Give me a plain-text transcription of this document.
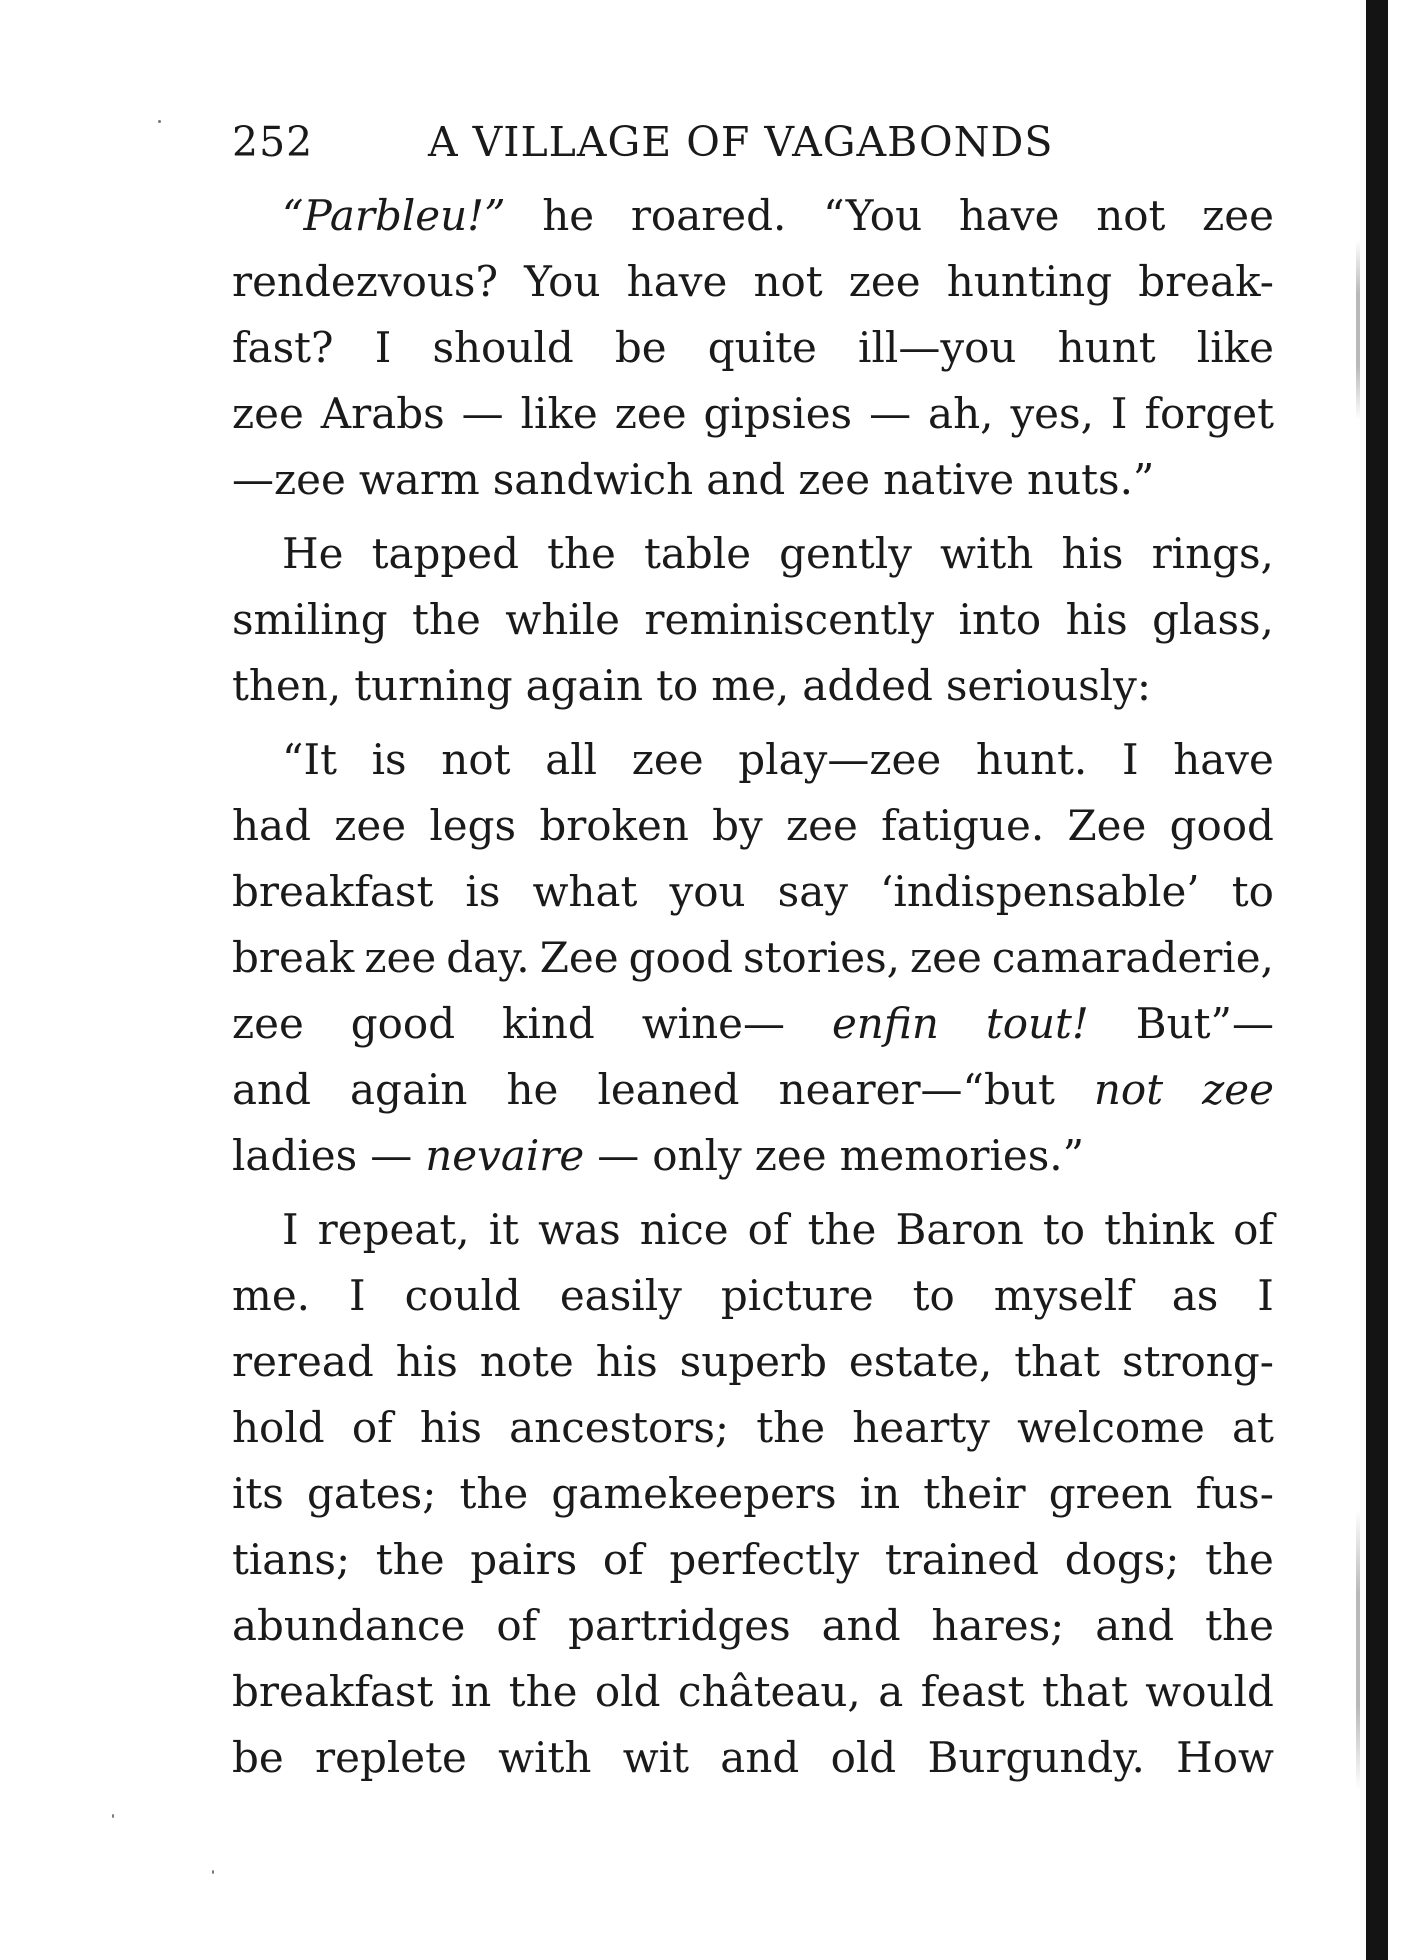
252	A VILLAGE OF VAGABONDS
“Parbleu!” he roared. “You have not zee
rendezvous? You have not zee hunting break-
fast? I should be quite ill—you hunt like
zee Arabs — like zee gipsies — ah, yes, I forget
—zee warm sandwich and zee native nuts.”
He tapped the table gently with his rings,
smiling the while reminiscently into his glass,
then, turning again to me, added seriously:
“It is not all zee play—zee hunt. I have
had zee legs broken by zee fatigue. Zee good
breakfast is what you say ‘indispensable’ to
break zee day. Zee good stories, zee camaraderie,
zee good kind wine— enfin tout! But”—
and again he leaned nearer—“but not zee
ladies — nevaire — only zee memories.”
I repeat, it was nice of the Baron to think of
me. I could easily picture to myself as I
reread his note his superb estate, that strong-
hold of his ancestors; the hearty welcome at
its gates; the gamekeepers in their green fus-
tians; the pairs of perfectly trained dogs; the
abundance of partridges and hares; and the
breakfast in the old château, a feast that would
be replete with wit and old Burgundy. How
